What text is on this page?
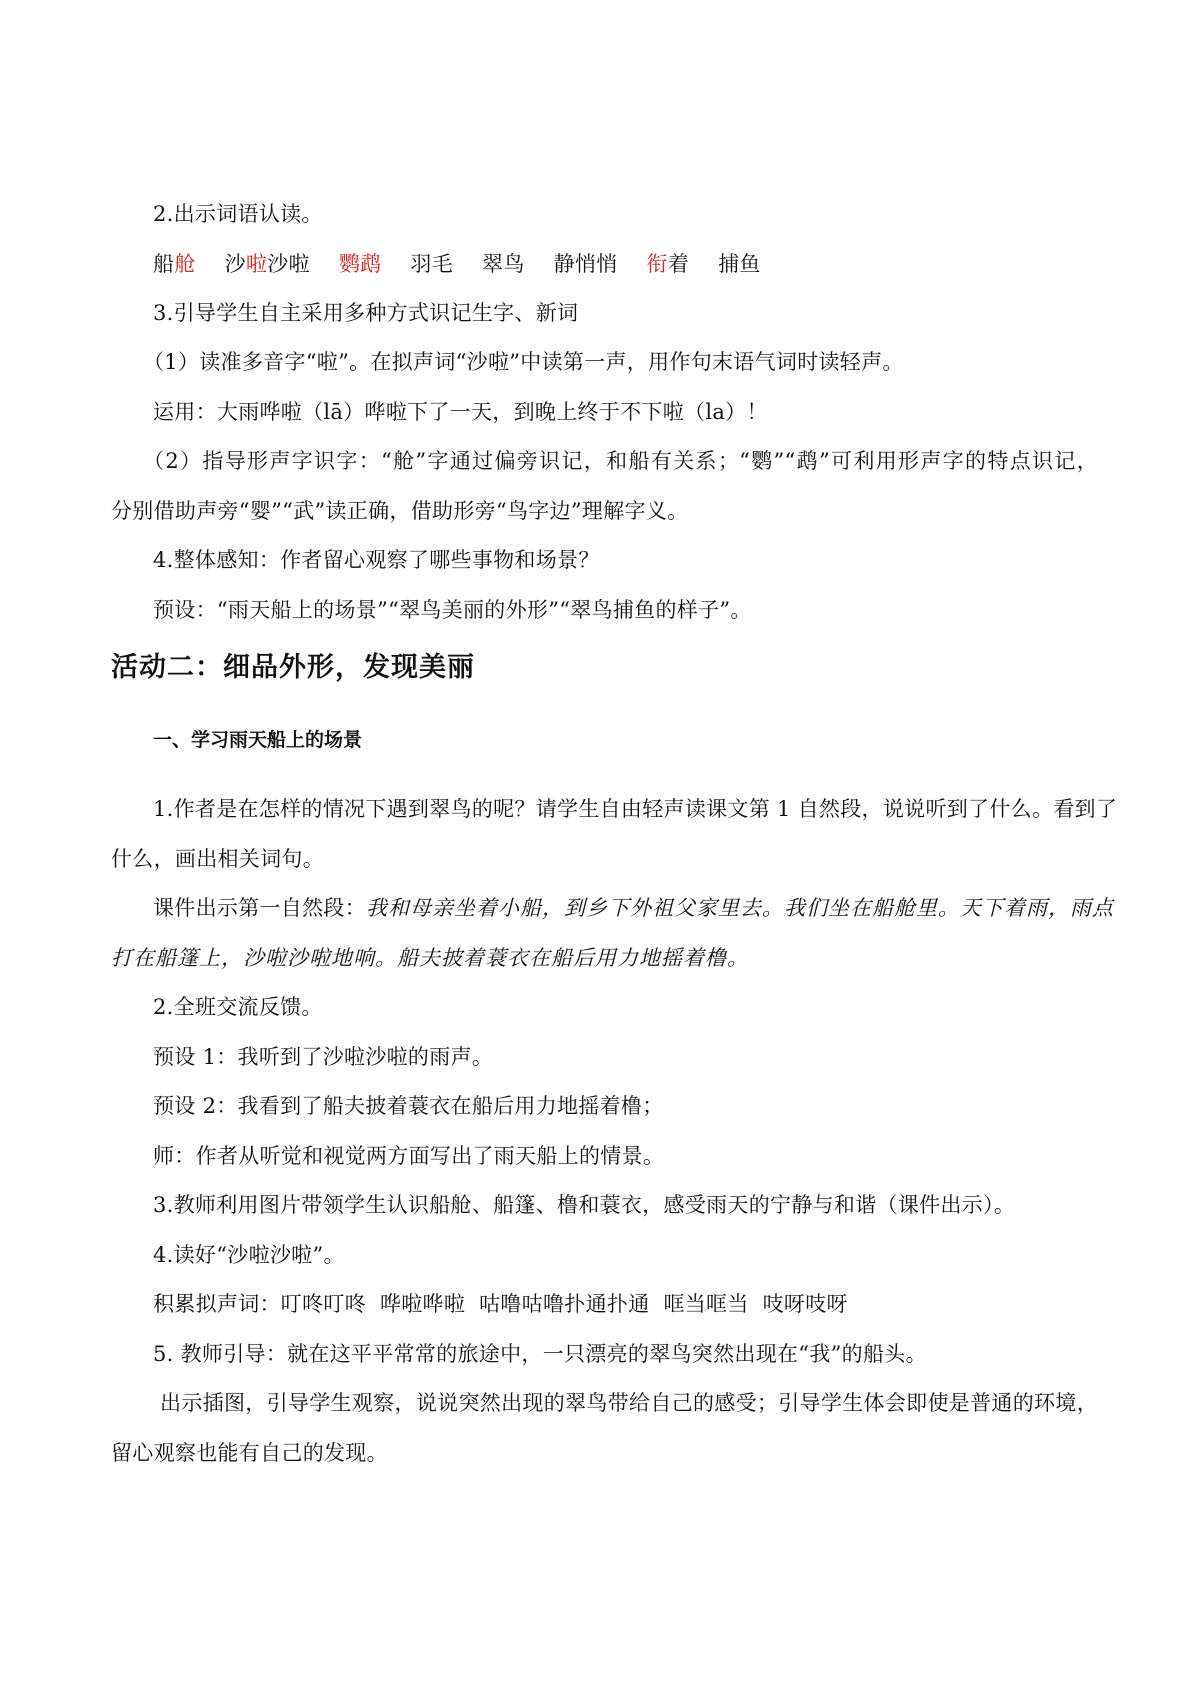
2.出示词语认读。
船舱 沙啦沙啦 鹦鹉 羽毛 翠鸟 静悄悄 衔着 捕鱼
3.引导学生自主采用多种方式识记生字、新词
（1）读准多音字“啦”。在拟声词“沙啦”中读第一声，用作句末语气词时读轻声。
运用：大雨哗啦（lā）哗啦下了一天，到晚上终于不下啦（la）！
（2）指导形声字识字：“舱”字通过偏旁识记，和船有关系；“鹦”“鹉”可利用形声字的特点识记，
分别借助声旁“婴”“武”读正确，借助形旁“鸟字边”理解字义。
4.整体感知：作者留心观察了哪些事物和场景？
预设：“雨天船上的场景”“翠鸟美丽的外形”“翠鸟捕鱼的样子”。
活动二：细品外形，发现美丽
一、学习雨天船上的场景
1.作者是在怎样的情况下遇到翠鸟的呢？请学生自由轻声读课文第 1 自然段，说说听到了什么。看到了
什么，画出相关词句。
课件出示第一自然段：我和母亲坐着小船，到乡下外祖父家里去。我们坐在船舱里。天下着雨，雨点
打在船篷上，沙啦沙啦地响。船夫披着蓑衣在船后用力地摇着橹。
2.全班交流反馈。
预设 1：我听到了沙啦沙啦的雨声。
预设 2：我看到了船夫披着蓑衣在船后用力地摇着橹；
师：作者从听觉和视觉两方面写出了雨天船上的情景。
3.教师利用图片带领学生认识船舱、船篷、橹和蓑衣，感受雨天的宁静与和谐（课件出示）。
4.读好“沙啦沙啦”。
积累拟声词：叮咚叮咚  哗啦哗啦  咕噜咕噜扑通扑通  哐当哐当  吱呀吱呀
5. 教师引导：就在这平平常常的旅途中，一只漂亮的翠鸟突然出现在“我”的船头。
出示插图，引导学生观察，说说突然出现的翠鸟带给自己的感受；引导学生体会即使是普通的环境，
留心观察也能有自己的发现。
